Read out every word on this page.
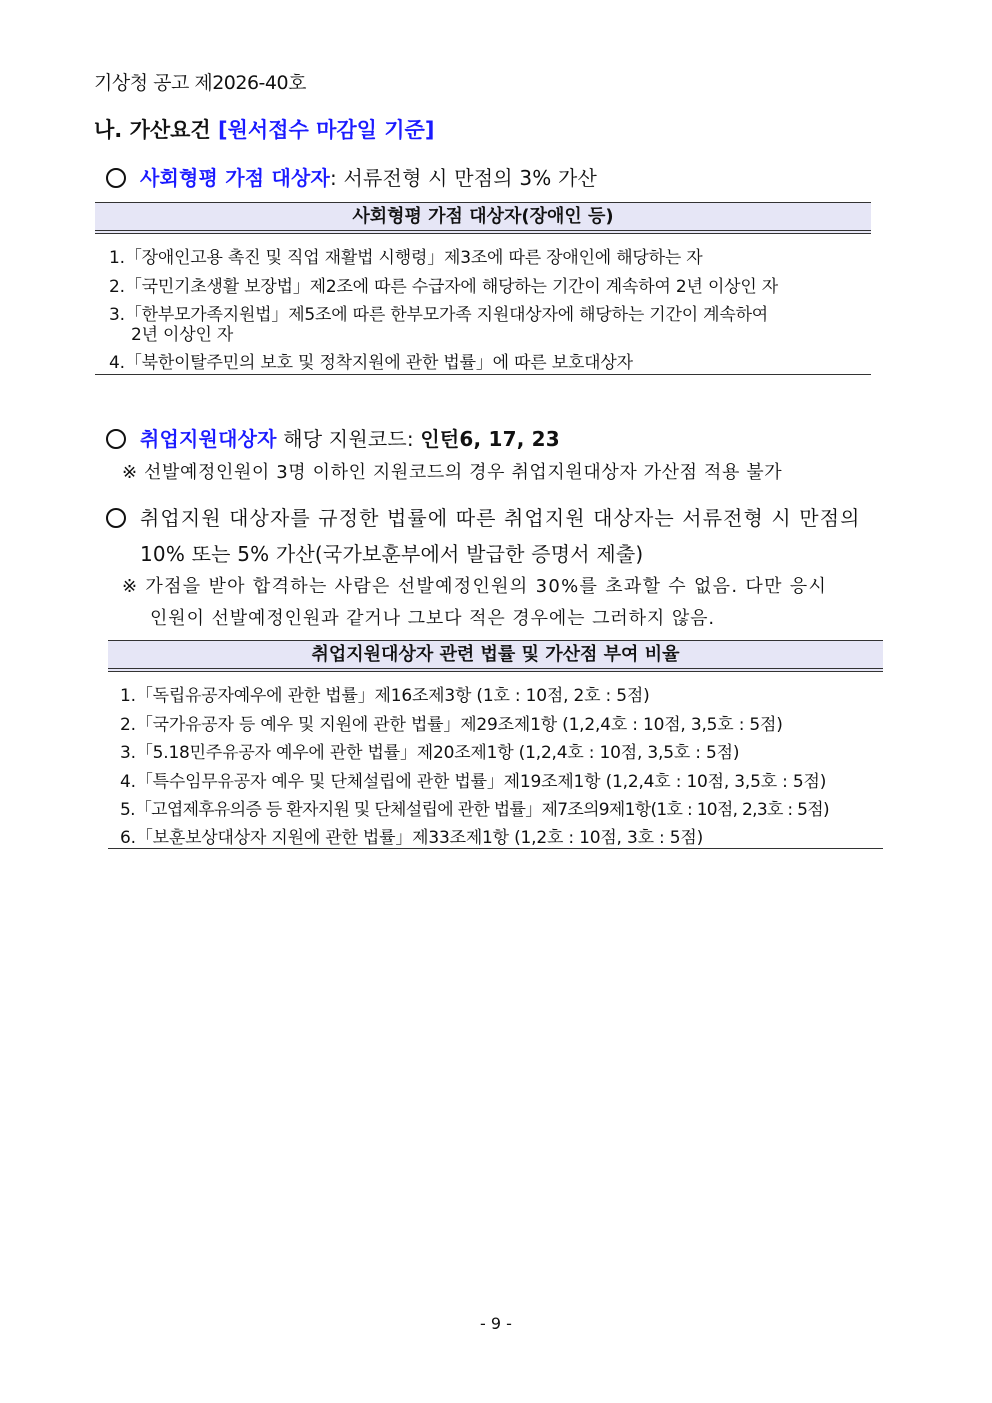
기상청 공고 제2026-40호
나. 가산요건 [원서접수 마감일 기준]
사회형평 가점 대상자: 서류전형 시 만점의 3% 가산
사회형평 가점 대상자(장애인 등)
1.「장애인고용 촉진 및 직업 재활법 시행령」제3조에 따른 장애인에 해당하는 자
2.「국민기초생활 보장법」제2조에 따른 수급자에 해당하는 기간이 계속하여 2년 이상인 자
3.「한부모가족지원법」제5조에 따른 한부모가족 지원대상자에 해당하는 기간이 계속하여
2년 이상인 자
4.「북한이탈주민의 보호 및 정착지원에 관한 법률」에 따른 보호대상자
취업지원대상자 해당 지원코드: 인턴6, 17, 23
※ 선발예정인원이 3명 이하인 지원코드의 경우 취업지원대상자 가산점 적용 불가
취업지원 대상자를 규정한 법률에 따른 취업지원 대상자는 서류전형 시 만점의
10% 또는 5% 가산(국가보훈부에서 발급한 증명서 제출)
※ 가점을 받아 합격하는 사람은 선발예정인원의 30%를 초과할 수 없음. 다만 응시
인원이 선발예정인원과 같거나 그보다 적은 경우에는 그러하지 않음.
취업지원대상자 관련 법률 및 가산점 부여 비율
1.「독립유공자예우에 관한 법률」제16조제3항 (1호 : 10점, 2호 : 5점)
2.「국가유공자 등 예우 및 지원에 관한 법률」제29조제1항 (1,2,4호 : 10점, 3,5호 : 5점)
3.「5.18민주유공자 예우에 관한 법률」제20조제1항 (1,2,4호 : 10점, 3,5호 : 5점)
4.「특수임무유공자 예우 및 단체설립에 관한 법률」제19조제1항 (1,2,4호 : 10점, 3,5호 : 5점)
5.「고엽제후유의증 등 환자지원 및 단체설립에 관한 법률」제7조의9제1항(1호 : 10점, 2,3호 : 5점)
6.「보훈보상대상자 지원에 관한 법률」제33조제1항 (1,2호 : 10점, 3호 : 5점)
- 9 -
